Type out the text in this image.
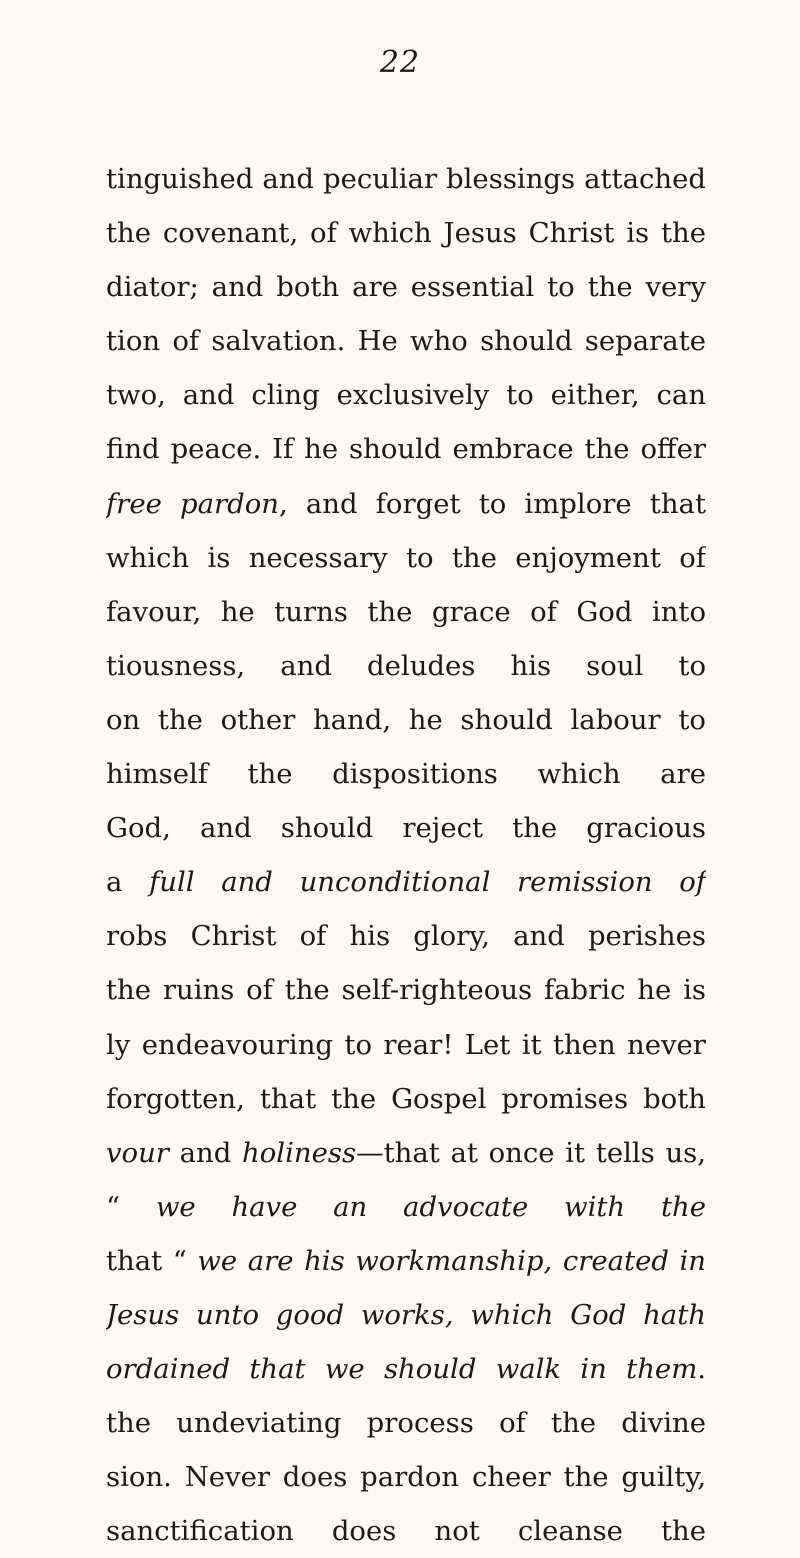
22
tinguished and peculiar blessings attached
the covenant, of which Jesus Christ is the
diator; and both are essential to the very
tion of salvation. He who should separate
two, and cling exclusively to either, can
find peace. If he should embrace the offer
free pardon, and forget to implore that
which is necessary to the enjoyment of
favour, he turns the grace of God into
tiousness, and deludes his soul to
on the other hand, he should labour to
himself the dispositions which are
God, and should reject the gracious
a full and unconditional remission of
robs Christ of his glory, and perishes
the ruins of the self-righteous fabric he is
ly endeavouring to rear! Let it then never
forgotten, that the Gospel promises both
vour and holiness—that at once it tells us,
“ we have an advocate with the
that “ we are his workmanship, created in
Jesus unto good works, which God hath
ordained that we should walk in them.
the undeviating process of the divine
sion. Never does pardon cheer the guilty,
sanctification does not cleanse the
